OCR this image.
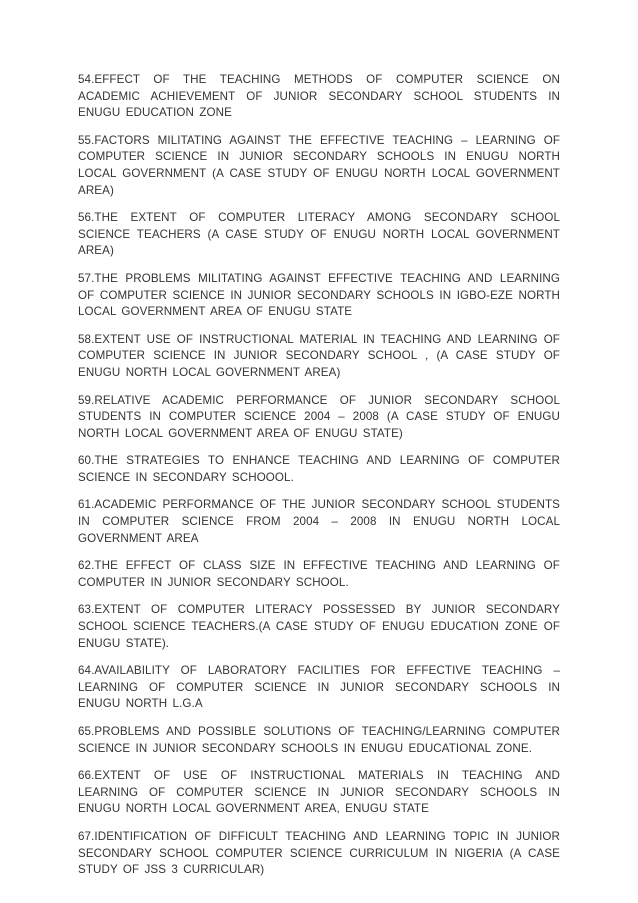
54.EFFECT OF THE TEACHING METHODS OF COMPUTER SCIENCE ON ACADEMIC ACHIEVEMENT OF JUNIOR SECONDARY SCHOOL STUDENTS IN ENUGU EDUCATION ZONE

55.FACTORS MILITATING AGAINST THE EFFECTIVE TEACHING – LEARNING OF COMPUTER SCIENCE IN JUNIOR SECONDARY SCHOOLS IN ENUGU NORTH LOCAL GOVERNMENT (A CASE STUDY OF ENUGU NORTH LOCAL GOVERNMENT AREA)

56.THE EXTENT OF COMPUTER LITERACY AMONG SECONDARY SCHOOL SCIENCE TEACHERS (A CASE STUDY OF ENUGU NORTH LOCAL GOVERNMENT AREA)

57.THE PROBLEMS MILITATING AGAINST EFFECTIVE TEACHING AND LEARNING OF COMPUTER SCIENCE IN JUNIOR SECONDARY SCHOOLS IN IGBO-EZE NORTH LOCAL GOVERNMENT AREA OF ENUGU STATE

58.EXTENT USE OF INSTRUCTIONAL MATERIAL IN TEACHING AND LEARNING OF COMPUTER SCIENCE IN JUNIOR SECONDARY SCHOOL , (A CASE STUDY OF ENUGU NORTH LOCAL GOVERNMENT AREA)

59.RELATIVE ACADEMIC PERFORMANCE OF JUNIOR SECONDARY SCHOOL STUDENTS IN COMPUTER SCIENCE 2004 – 2008 (A CASE STUDY OF ENUGU NORTH LOCAL GOVERNMENT AREA OF ENUGU STATE)

60.THE STRATEGIES TO ENHANCE TEACHING AND LEARNING OF COMPUTER SCIENCE IN SECONDARY SCHOOOL.

61.ACADEMIC PERFORMANCE OF THE JUNIOR SECONDARY SCHOOL STUDENTS IN COMPUTER SCIENCE FROM 2004 – 2008 IN ENUGU NORTH LOCAL GOVERNMENT AREA

62.THE EFFECT OF CLASS SIZE IN EFFECTIVE TEACHING AND LEARNING OF COMPUTER IN JUNIOR SECONDARY SCHOOL.

63.EXTENT OF COMPUTER LITERACY POSSESSED BY JUNIOR SECONDARY SCHOOL SCIENCE TEACHERS.(A CASE STUDY OF ENUGU EDUCATION ZONE OF ENUGU STATE).

64.AVAILABILITY OF LABORATORY FACILITIES FOR EFFECTIVE TEACHING – LEARNING OF COMPUTER SCIENCE IN JUNIOR SECONDARY SCHOOLS IN ENUGU NORTH L.G.A

65.PROBLEMS AND POSSIBLE SOLUTIONS OF TEACHING/LEARNING COMPUTER SCIENCE IN JUNIOR SECONDARY SCHOOLS IN ENUGU EDUCATIONAL ZONE.

66.EXTENT OF USE OF INSTRUCTIONAL MATERIALS IN TEACHING AND LEARNING OF COMPUTER SCIENCE IN JUNIOR SECONDARY SCHOOLS IN ENUGU NORTH LOCAL GOVERNMENT AREA, ENUGU STATE

67.IDENTIFICATION OF DIFFICULT TEACHING AND LEARNING TOPIC IN JUNIOR SECONDARY SCHOOL COMPUTER SCIENCE CURRICULUM IN NIGERIA (A CASE STUDY OF JSS 3 CURRICULAR)
